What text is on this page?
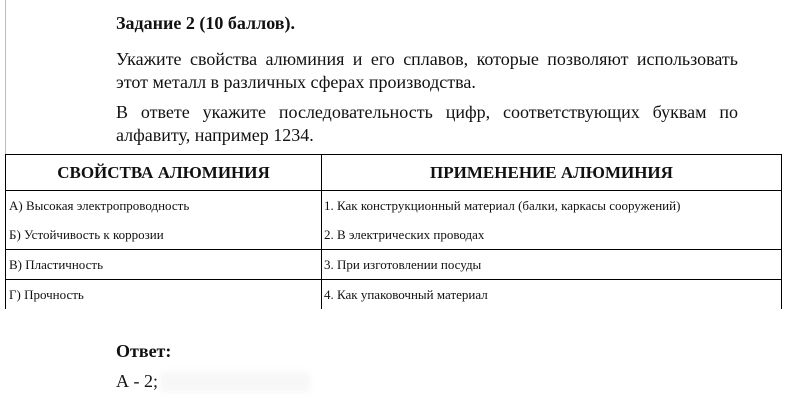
Задание 2 (10 баллов).
Укажите свойства алюминия и его сплавов, которые позволяют использовать этот металл в различных сферах производства.
В ответе укажите последовательность цифр, соответствующих буквам по алфавиту, например 1234.
СВОЙСТВА АЛЮМИНИЯ	ПРИМЕНЕНИЕ АЛЮМИНИЯ
А) Высокая электропроводность	1. Как конструкционный материал (балки, каркасы сооружений)
Б) Устойчивость к коррозии	2. В электрических проводах
В) Пластичность	3. При изготовлении посуды
Г) Прочность	4. Как упаковочный материал
Ответ:
А - 2;
